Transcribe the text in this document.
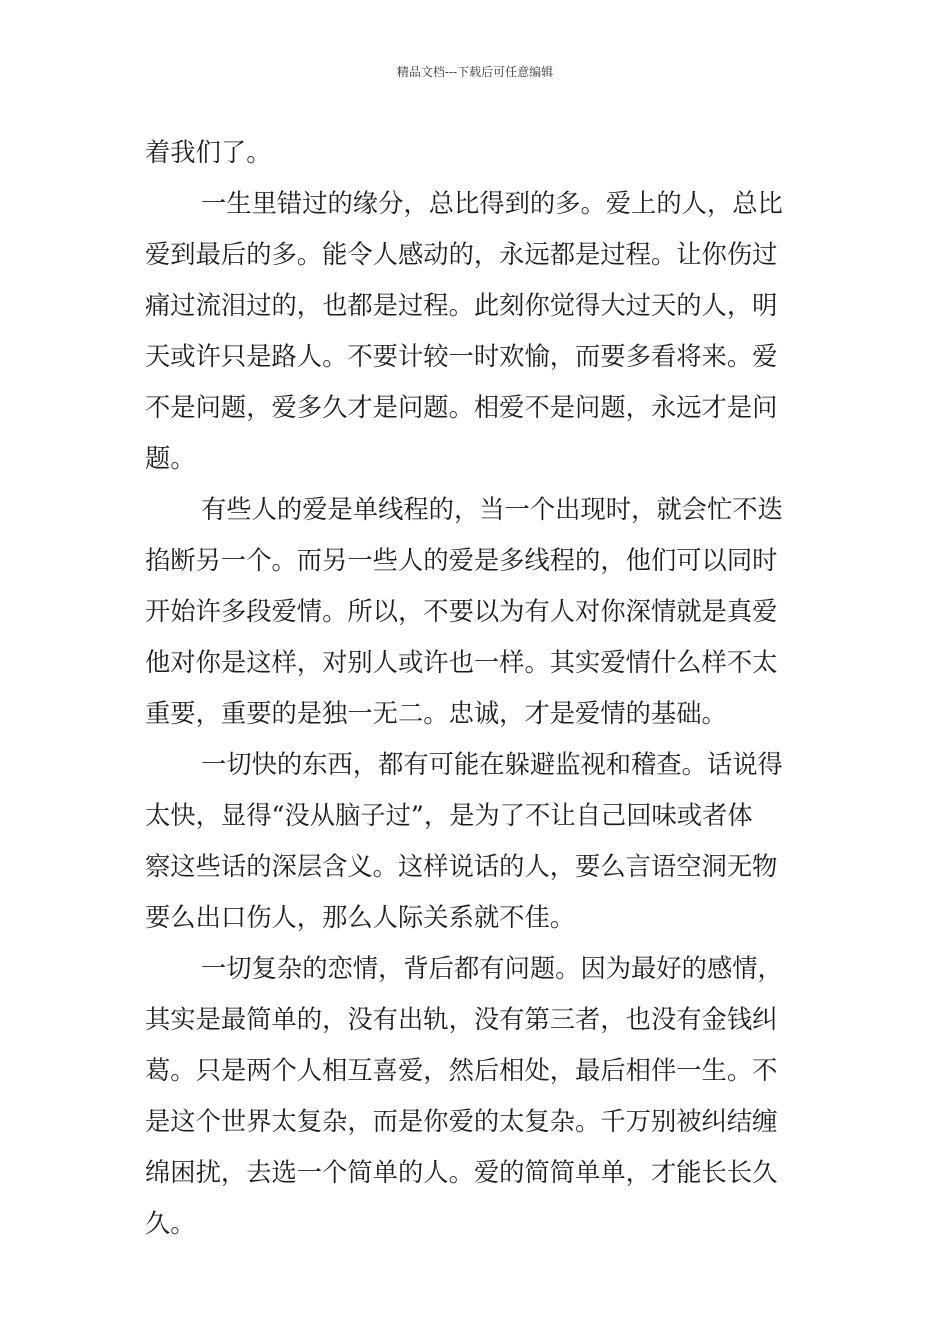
精品文档---下载后可任意编辑
着我们了。
一生里错过的缘分，总比得到的多。爱上的人，总比
爱到最后的多。能令人感动的，永远都是过程。让你伤过
痛过流泪过的，也都是过程。此刻你觉得大过天的人，明
天或许只是路人。不要计较一时欢愉，而要多看将来。爱
不是问题，爱多久才是问题。相爱不是问题，永远才是问
题。
有些人的爱是单线程的，当一个出现时，就会忙不迭
掐断另一个。而另一些人的爱是多线程的，他们可以同时
开始许多段爱情。所以，不要以为有人对你深情就是真爱
他对你是这样，对别人或许也一样。其实爱情什么样不太
重要，重要的是独一无二。忠诚，才是爱情的基础。
一切快的东西，都有可能在躲避监视和稽查。话说得
太快，显得“没从脑子过”，是为了不让自己回味或者体
察这些话的深层含义。这样说话的人，要么言语空洞无物
要么出口伤人，那么人际关系就不佳。
一切复杂的恋情，背后都有问题。因为最好的感情，
其实是最简单的，没有出轨，没有第三者，也没有金钱纠
葛。只是两个人相互喜爱，然后相处，最后相伴一生。不
是这个世界太复杂，而是你爱的太复杂。千万别被纠结缠
绵困扰，去选一个简单的人。爱的简简单单，才能长长久
久。
